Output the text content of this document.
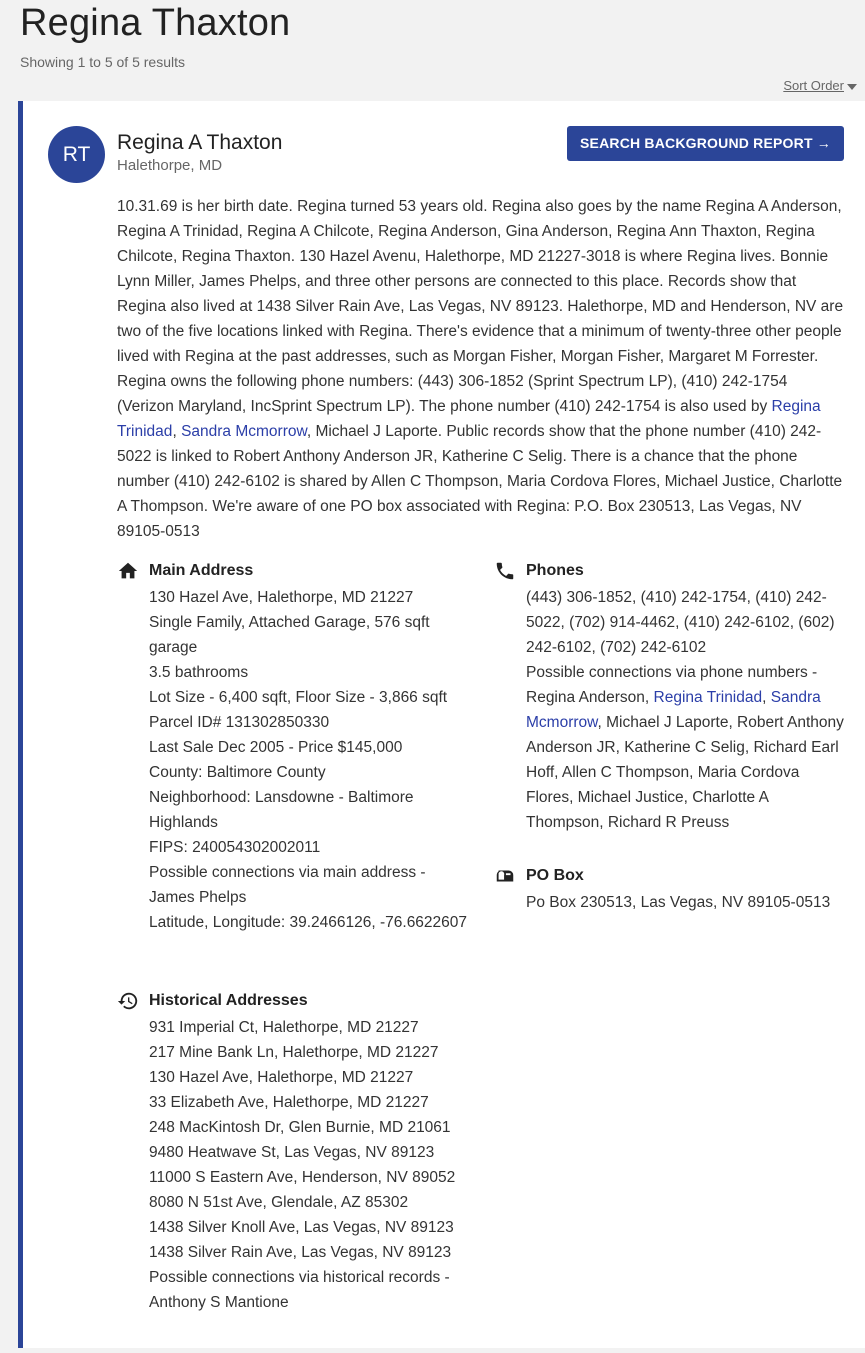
Regina Thaxton
Showing 1 to 5 of 5 results
Sort Order
RT
Regina A Thaxton
Halethorpe, MD
SEARCH BACKGROUND REPORT →

10.31.69 is her birth date. Regina turned 53 years old. Regina also goes by the name Regina A Anderson, Regina A Trinidad, Regina A Chilcote, Regina Anderson, Gina Anderson, Regina Ann Thaxton, Regina Chilcote, Regina Thaxton. 130 Hazel Avenu, Halethorpe, MD 21227-3018 is where Regina lives. Bonnie Lynn Miller, James Phelps, and three other persons are connected to this place. Records show that Regina also lived at 1438 Silver Rain Ave, Las Vegas, NV 89123. Halethorpe, MD and Henderson, NV are two of the five locations linked with Regina. There's evidence that a minimum of twenty-three other people lived with Regina at the past addresses, such as Morgan Fisher, Morgan Fisher, Margaret M Forrester. Regina owns the following phone numbers: (443) 306-1852 (Sprint Spectrum LP), (410) 242-1754 (Verizon Maryland, IncSprint Spectrum LP). The phone number (410) 242-1754 is also used by Regina Trinidad, Sandra Mcmorrow, Michael J Laporte. Public records show that the phone number (410) 242-5022 is linked to Robert Anthony Anderson JR, Katherine C Selig. There is a chance that the phone number (410) 242-6102 is shared by Allen C Thompson, Maria Cordova Flores, Michael Justice, Charlotte A Thompson. We're aware of one PO box associated with Regina: P.O. Box 230513, Las Vegas, NV 89105-0513

Main Address
130 Hazel Ave, Halethorpe, MD 21227
Single Family, Attached Garage, 576 sqft garage
3.5 bathrooms
Lot Size - 6,400 sqft, Floor Size - 3,866 sqft
Parcel ID# 131302850330
Last Sale Dec 2005 - Price $145,000
County: Baltimore County
Neighborhood: Lansdowne - Baltimore Highlands
FIPS: 240054302002011
Possible connections via main address - James Phelps
Latitude, Longitude: 39.2466126, -76.6622607
Phones
(443) 306-1852, (410) 242-1754, (410) 242-5022, (702) 914-4462, (410) 242-6102, (602) 242-6102, (702) 242-6102
Possible connections via phone numbers - Regina Anderson, Regina Trinidad, Sandra Mcmorrow, Michael J Laporte, Robert Anthony Anderson JR, Katherine C Selig, Richard Earl Hoff, Allen C Thompson, Maria Cordova Flores, Michael Justice, Charlotte A Thompson, Richard R Preuss
PO Box
Po Box 230513, Las Vegas, NV 89105-0513
Historical Addresses
931 Imperial Ct, Halethorpe, MD 21227
217 Mine Bank Ln, Halethorpe, MD 21227
130 Hazel Ave, Halethorpe, MD 21227
33 Elizabeth Ave, Halethorpe, MD 21227
248 MacKintosh Dr, Glen Burnie, MD 21061
9480 Heatwave St, Las Vegas, NV 89123
11000 S Eastern Ave, Henderson, NV 89052
8080 N 51st Ave, Glendale, AZ 85302
1438 Silver Knoll Ave, Las Vegas, NV 89123
1438 Silver Rain Ave, Las Vegas, NV 89123
Possible connections via historical records - Anthony S Mantione
